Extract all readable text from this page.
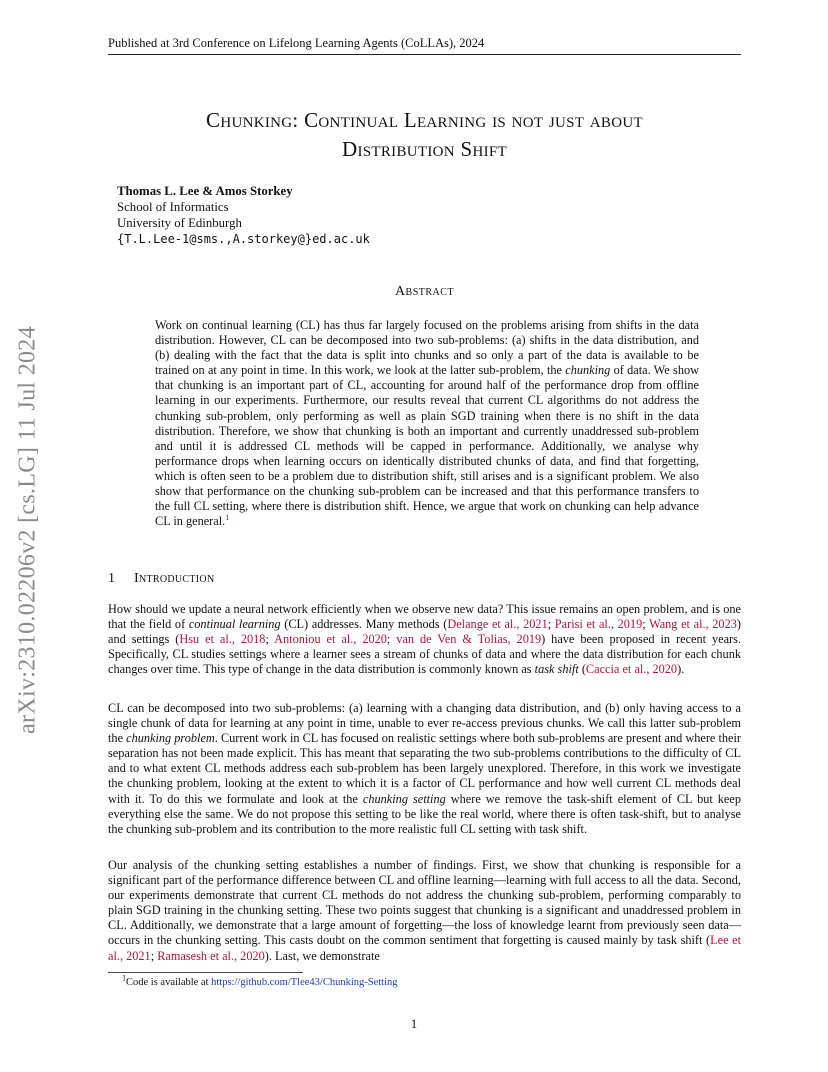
Published at 3rd Conference on Lifelong Learning Agents (CoLLAs), 2024
Chunking: Continual Learning is not just about
Distribution Shift
Thomas L. Lee & Amos Storkey
School of Informatics
University of Edinburgh
{T.L.Lee-1@sms.,A.storkey@}ed.ac.uk
Abstract
Work on continual learning (CL) has thus far largely focused on the problems arising from shifts in the data distribution. However, CL can be decomposed into two sub-problems: (a) shifts in the data distribution, and (b) dealing with the fact that the data is split into chunks and so only a part of the data is available to be trained on at any point in time. In this work, we look at the latter sub-problem, the chunking of data. We show that chunking is an important part of CL, accounting for around half of the performance drop from offline learning in our experiments. Furthermore, our results reveal that current CL algorithms do not address the chunking sub-problem, only performing as well as plain SGD training when there is no shift in the data distribution. Therefore, we show that chunking is both an important and currently unaddressed sub-problem and until it is addressed CL methods will be capped in performance. Additionally, we analyse why performance drops when learning occurs on identically distributed chunks of data, and find that forgetting, which is often seen to be a problem due to distribution shift, still arises and is a significant problem. We also show that performance on the chunking sub-problem can be increased and that this performance transfers to the full CL setting, where there is distribution shift. Hence, we argue that work on chunking can help advance CL in general.$^1$
arXiv:2310.02206v2 [cs.LG] 11 Jul 2024	1 Introduction
How should we update a neural network efficiently when we observe new data? This issue remains an open problem, and is one that the field of continual learning (CL) addresses. Many methods (Delange et al., 2021; Parisi et al., 2019; Wang et al., 2023) and settings (Hsu et al., 2018; Antoniou et al., 2020; van de Ven & Tolias, 2019) have been proposed in recent years. Specifically, CL studies settings where a learner sees a stream of chunks of data and where the data distribution for each chunk changes over time. This type of change in the data distribution is commonly known as task shift (Caccia et al., 2020).
CL can be decomposed into two sub-problems: (a) learning with a changing data distribution, and (b) only having access to a single chunk of data for learning at any point in time, unable to ever re-access previous chunks. We call this latter sub-problem the chunking problem. Current work in CL has focused on realistic settings where both sub-problems are present and where their separation has not been made explicit. This has meant that separating the two sub-problems contributions to the difficulty of CL and to what extent CL methods address each sub-problem has been largely unexplored. Therefore, in this work we investigate the chunking problem, looking at the extent to which it is a factor of CL performance and how well current CL methods deal with it. To do this we formulate and look at the chunking setting where we remove the task-shift element of CL but keep everything else the same. We do not propose this setting to be like the real world, where there is often task-shift, but to analyse the chunking sub-problem and its contribution to the more realistic full CL setting with task shift.
Our analysis of the chunking setting establishes a number of findings. First, we show that chunking is responsible for a significant part of the performance difference between CL and offline learning—learning with full access to all the data. Second, our experiments demonstrate that current CL methods do not address the chunking sub-problem, performing comparably to plain SGD training in the chunking setting. These two points suggest that chunking is a significant and unaddressed problem in CL. Additionally, we demonstrate that a large amount of forgetting—the loss of knowledge learnt from previously seen data—occurs in the chunking setting. This casts doubt on the common sentiment that forgetting is caused mainly by task shift (Lee et al., 2021; Ramasesh et al., 2020). Last, we demonstrate
$^1$Code is available at https://github.com/Tlee43/Chunking-Setting
1
